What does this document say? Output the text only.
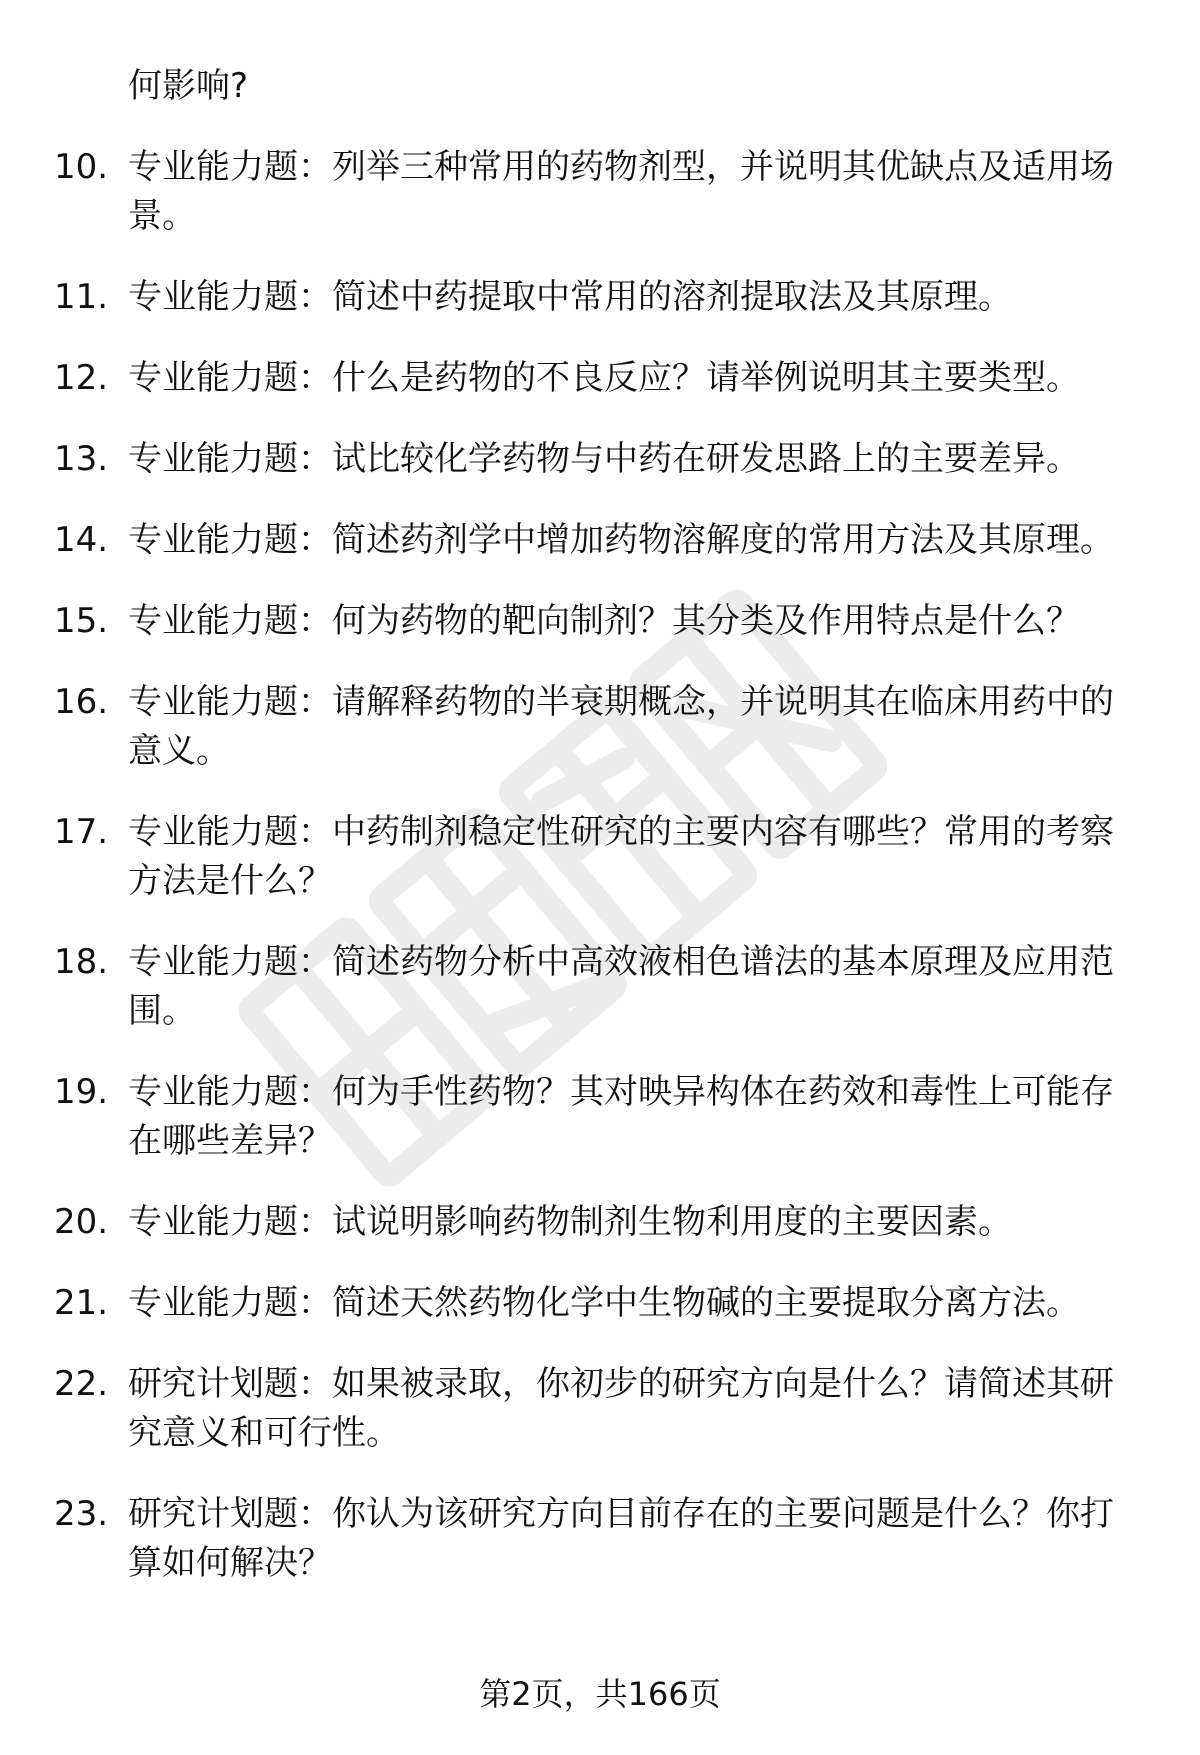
何影响?
10. 专业能力题：列举三种常用的药物剂型，并说明其优缺点及适用场景。
11. 专业能力题：简述中药提取中常用的溶剂提取法及其原理。
12. 专业能力题：什么是药物的不良反应？请举例说明其主要类型。
13. 专业能力题：试比较化学药物与中药在研发思路上的主要差异。
14. 专业能力题：简述药剂学中增加药物溶解度的常用方法及其原理。
15. 专业能力题：何为药物的靶向制剂？其分类及作用特点是什么？
16. 专业能力题：请解释药物的半衰期概念，并说明其在临床用药中的意义。
17. 专业能力题：中药制剂稳定性研究的主要内容有哪些？常用的考察方法是什么？
18. 专业能力题：简述药物分析中高效液相色谱法的基本原理及应用范围。
19. 专业能力题：何为手性药物？其对映异构体在药效和毒性上可能存在哪些差异？
20. 专业能力题：试说明影响药物制剂生物利用度的主要因素。
21. 专业能力题：简述天然药物化学中生物碱的主要提取分离方法。
22. 研究计划题：如果被录取，你初步的研究方向是什么？请简述其研究意义和可行性。
23. 研究计划题：你认为该研究方向目前存在的主要问题是什么？你打算如何解决？
第2页，共166页
